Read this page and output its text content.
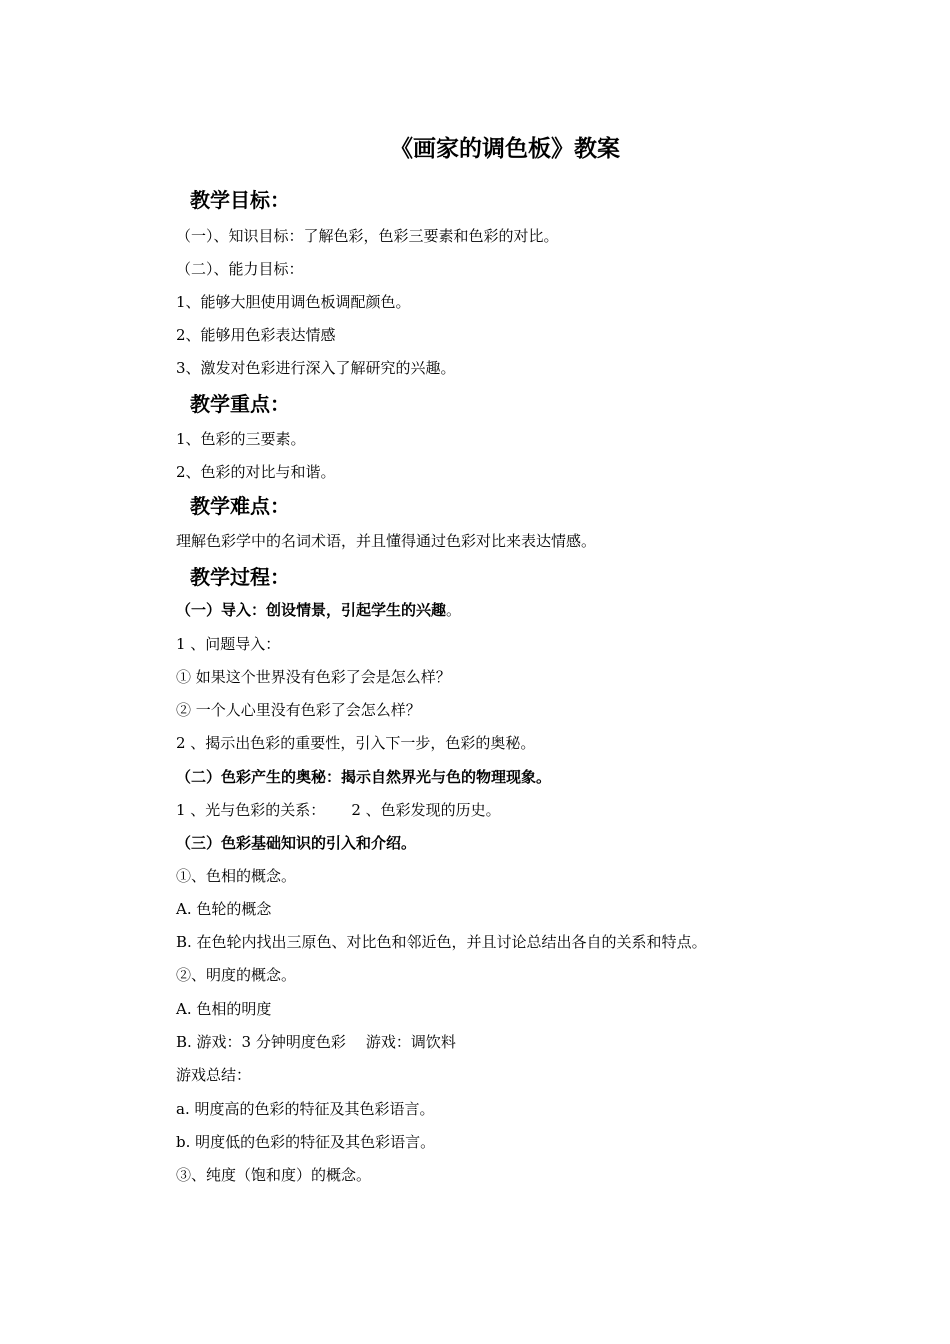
《画家的调色板》教案
教学目标：

（一）、知识目标：了解色彩，色彩三要素和色彩的对比。

（二）、能力目标：

1、能够大胆使用调色板调配颜色。

2、能够用色彩表达情感

3、激发对色彩进行深入了解研究的兴趣。

教学重点：

1、色彩的三要素。

2、色彩的对比与和谐。

教学难点：

理解色彩学中的名词术语，并且懂得通过色彩对比来表达情感。

教学过程：

（一）导入：创设情景，引起学生的兴趣。

1 、问题导入：

① 如果这个世界没有色彩了会是怎么样？

② 一个人心里没有色彩了会怎么样？

2 、揭示出色彩的重要性，引入下一步，色彩的奥秘。

（二）色彩产生的奥秘：揭示自然界光与色的物理现象。

1 、光与色彩的关系： 2 、色彩发现的历史。

（三）色彩基础知识的引入和介绍。

①、色相的概念。

A. 色轮的概念

B. 在色轮内找出三原色、对比色和邻近色，并且讨论总结出各自的关系和特点。

②、明度的概念。

A. 色相的明度

B. 游戏：3 分钟明度色彩 游戏：调饮料

游戏总结：

a. 明度高的色彩的特征及其色彩语言。

b. 明度低的色彩的特征及其色彩语言。

③、纯度（饱和度）的概念。
